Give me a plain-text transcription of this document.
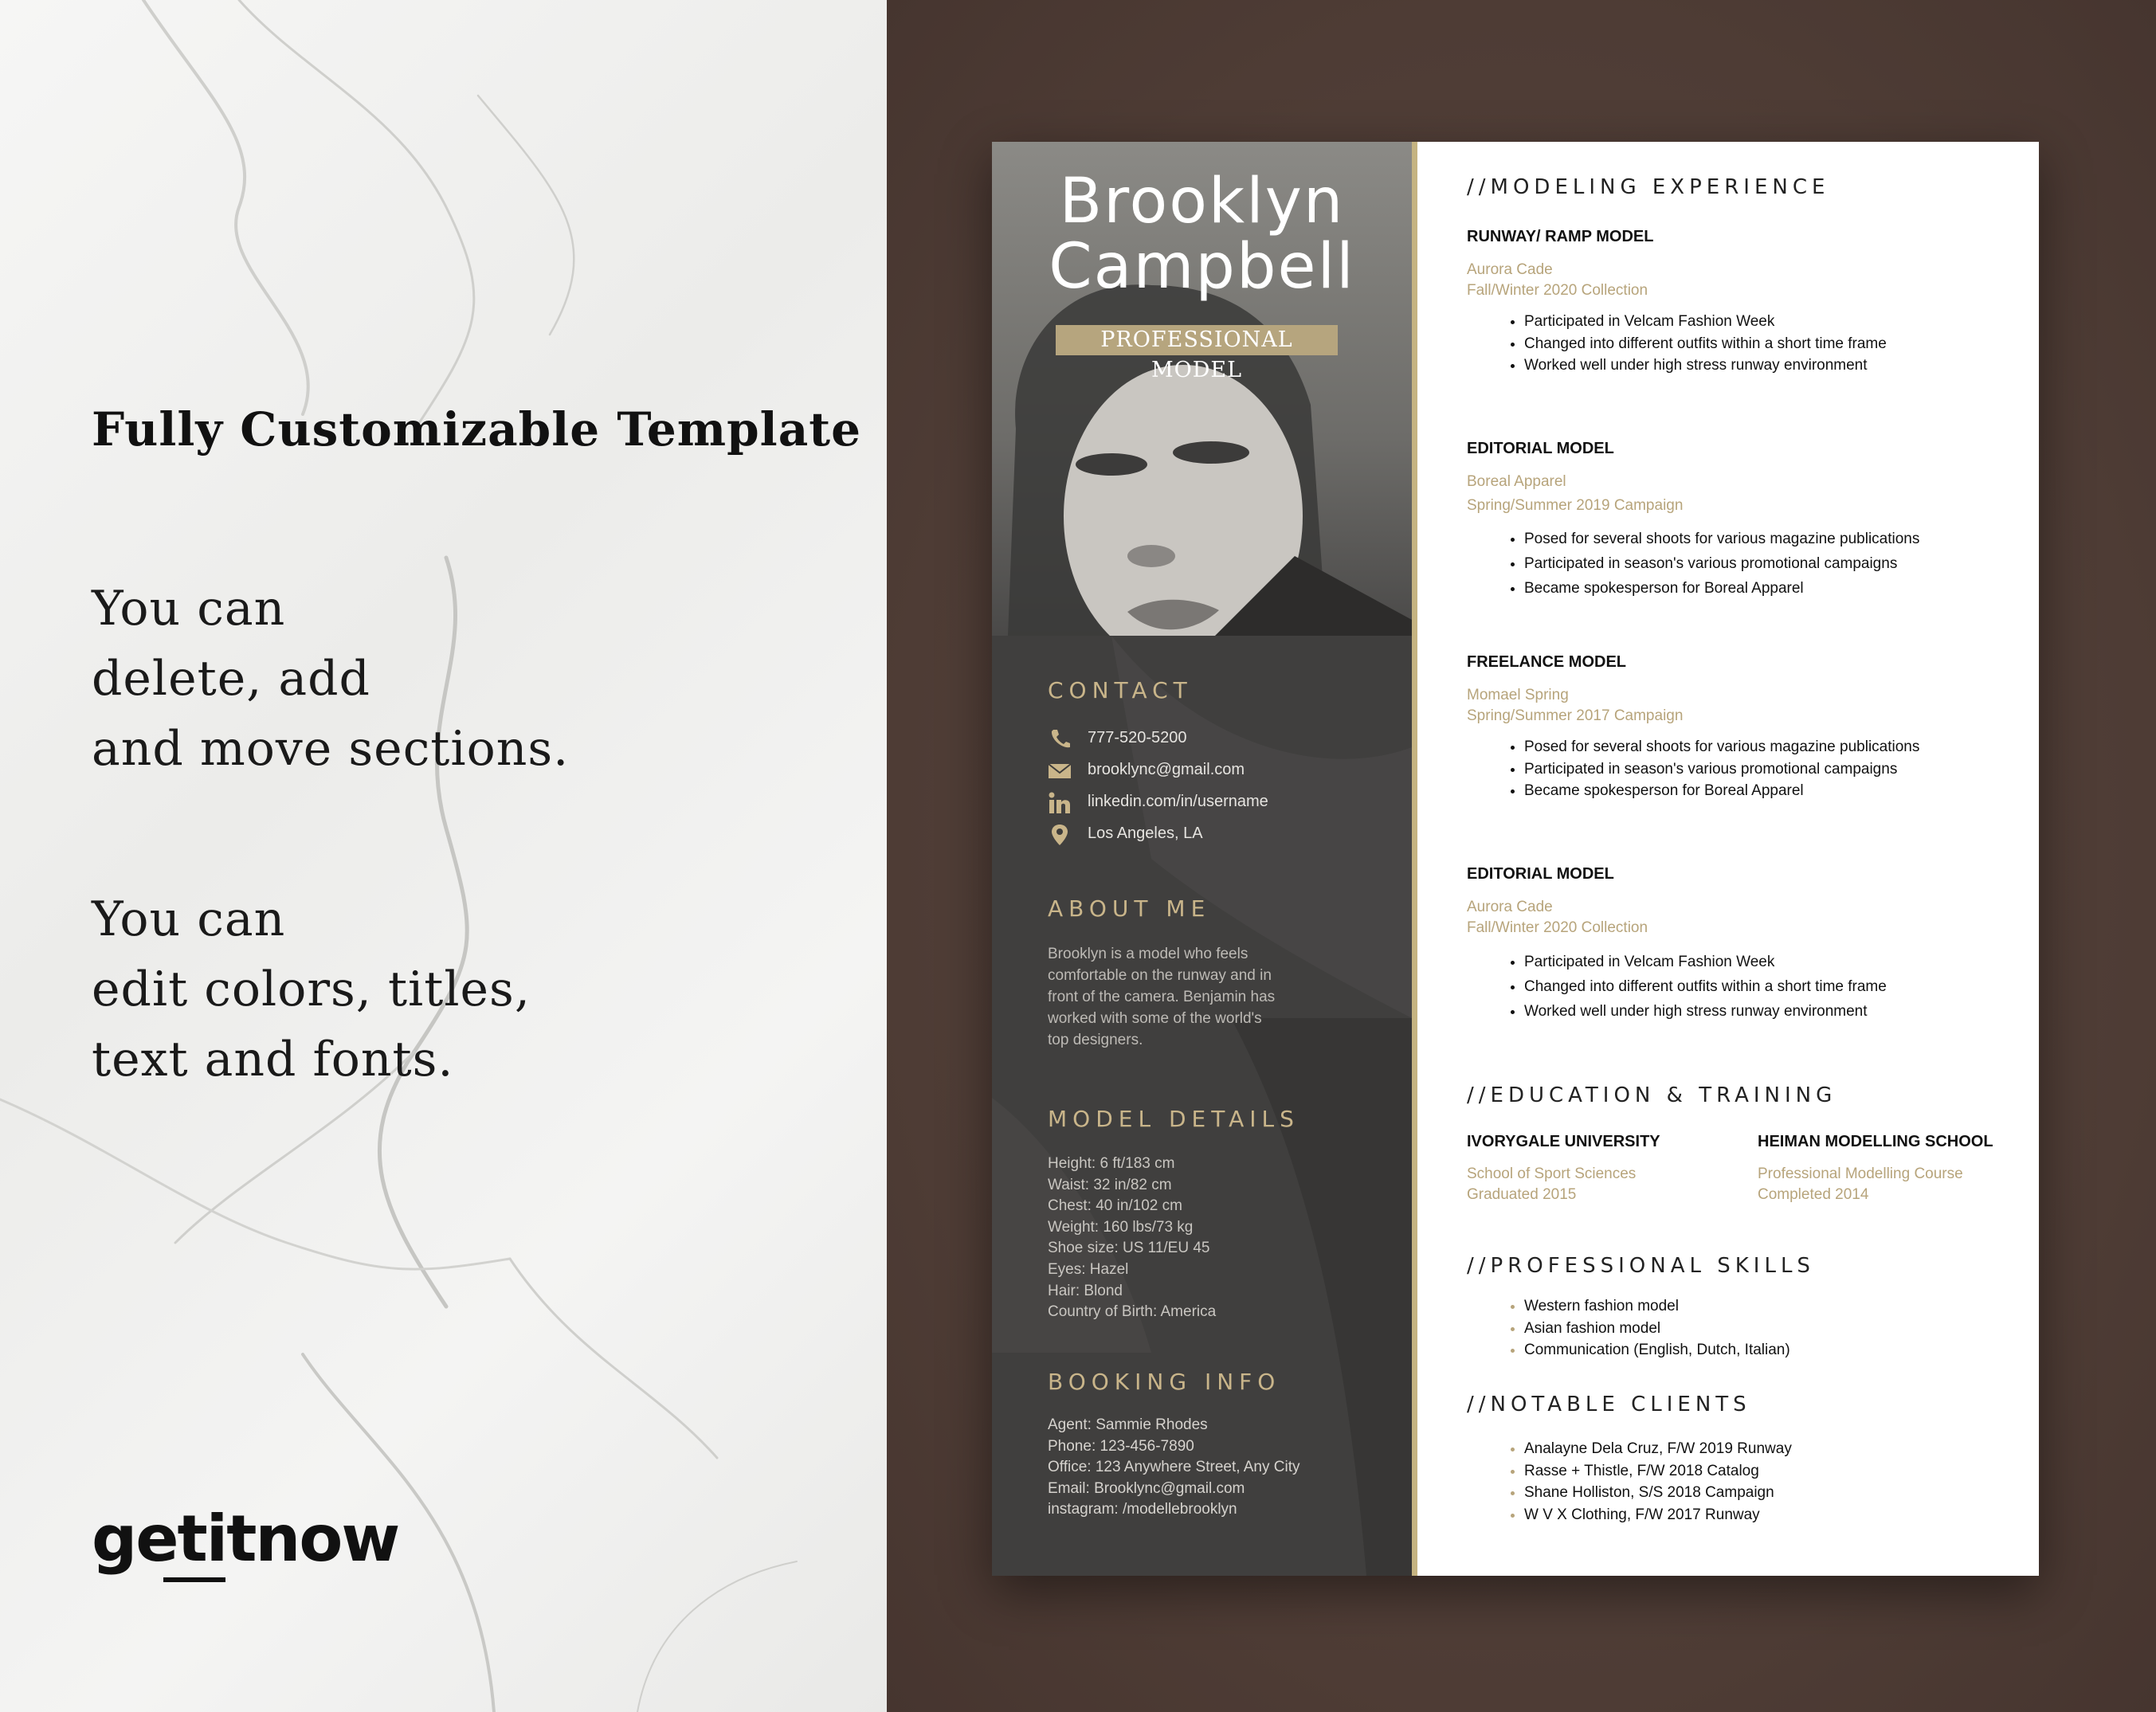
Fully Customizable Template
You can
delete, add
and move sections.
You can
edit colors, titles,
text and fonts.
getitnow
Brooklyn
Campbell
PROFESSIONAL MODEL
CONTACT
777-520-5200
brooklync@gmail.com
linkedin.com/in/username
Los Angeles, LA
ABOUT ME
Brooklyn is a model who feels
comfortable on the runway and in
front of the camera. Benjamin has
worked with some of the world's
top designers.
MODEL DETAILS
Height: 6 ft/183 cm
Waist: 32 in/82 cm
Chest: 40 in/102 cm
Weight: 160 lbs/73 kg
Shoe size: US 11/EU 45
Eyes: Hazel
Hair: Blond
Country of Birth: America
BOOKING INFO
Agent: Sammie Rhodes
Phone: 123-456-7890
Office: 123 Anywhere Street, Any City
Email: Brooklync@gmail.com
instagram: /modellebrooklyn
//MODELING EXPERIENCE
RUNWAY/ RAMP MODEL
Aurora Cade
Fall/Winter 2020 Collection
• Participated in Velcam Fashion Week
• Changed into different outfits within a short time frame
• Worked well under high stress runway environment
EDITORIAL MODEL
Boreal Apparel
Spring/Summer 2019 Campaign
• Posed for several shoots for various magazine publications
• Participated in season's various promotional campaigns
• Became spokesperson for Boreal Apparel
FREELANCE MODEL
Momael Spring
Spring/Summer 2017 Campaign
• Posed for several shoots for various magazine publications
• Participated in season's various promotional campaigns
• Became spokesperson for Boreal Apparel
EDITORIAL MODEL
Aurora Cade
Fall/Winter 2020 Collection
• Participated in Velcam Fashion Week
• Changed into different outfits within a short time frame
• Worked well under high stress runway environment
//EDUCATION & TRAINING
IVORYGALE UNIVERSITY
School of Sport Sciences
Graduated 2015
HEIMAN MODELLING SCHOOL
Professional Modelling Course
Completed 2014
//PROFESSIONAL SKILLS
• Western fashion model
• Asian fashion model
• Communication (English, Dutch, Italian)
//NOTABLE CLIENTS
• Analayne Dela Cruz, F/W 2019 Runway
• Rasse + Thistle, F/W 2018 Catalog
• Shane Holliston, S/S 2018 Campaign
• W V X Clothing, F/W 2017 Runway
